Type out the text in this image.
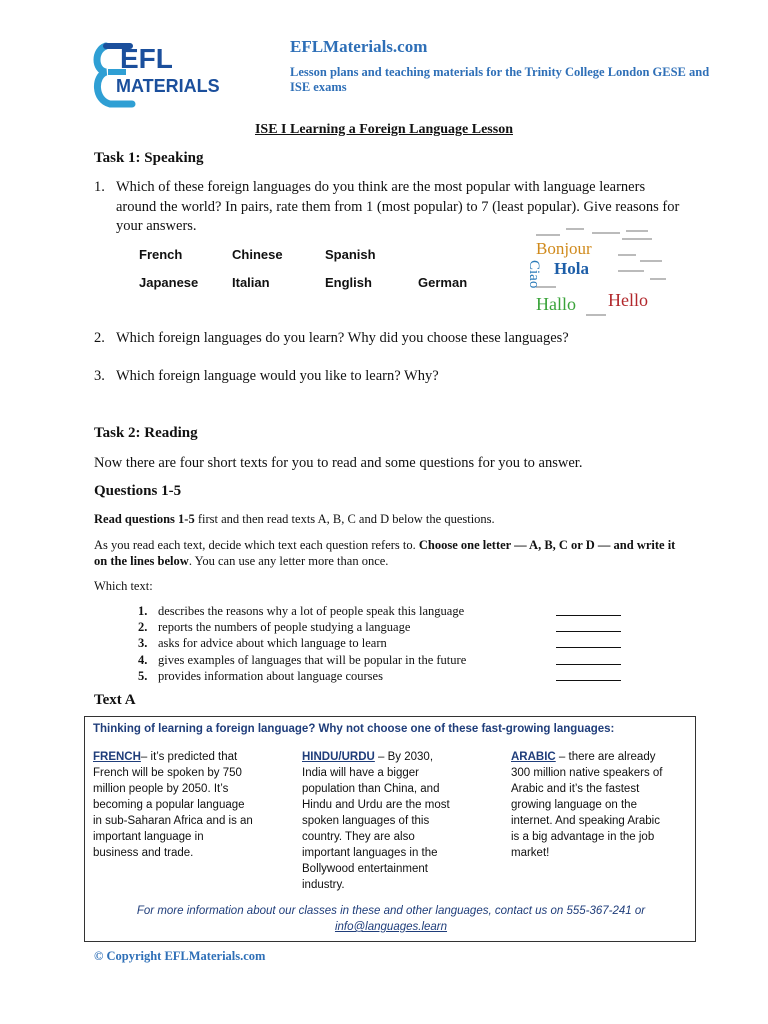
EFL
MATERIALS
EFLMaterials.com
Lesson plans and teaching materials for the Trinity College London GESE and ISE exams
ISE I Learning a Foreign Language Lesson
Task 1: Speaking
1. Which of these foreign languages do you think are the most popular with language learners around the world? In pairs, rate them from 1 (most popular) to 7 (least popular). Give reasons for your answers.
French	Chinese	Spanish
Japanese	Italian	English	German
Bonjour
Hola
Ciao
Hallo Hello
2. Which foreign languages do you learn? Why did you choose these languages?
3. Which foreign language would you like to learn? Why?
Task 2: Reading
Now there are four short texts for you to read and some questions for you to answer.
Questions 1-5
Read questions 1-5 first and then read texts A, B, C and D below the questions.
As you read each text, decide which text each question refers to. Choose one letter — A, B, C or D — and write it on the lines below. You can use any letter more than once.
Which text:
1. describes the reasons why a lot of people speak this language
2. reports the numbers of people studying a language
3. asks for advice about which language to learn
4. gives examples of languages that will be popular in the future
5. provides information about language courses
Text A
Thinking of learning a foreign language? Why not choose one of these fast-growing languages:
FRENCH– it’s predicted that
French will be spoken by 750
million people by 2050. It’s
becoming a popular language
in sub-Saharan Africa and is an
important language in
business and trade.
HINDU/URDU – By 2030,
India will have a bigger
population than China, and
Hindu and Urdu are the most
spoken languages of this
country. They are also
important languages in the
Bollywood entertainment
industry.
ARABIC – there are already
300 million native speakers of
Arabic and it’s the fastest
growing language on the
internet. And speaking Arabic
is a big advantage in the job
market!
For more information about our classes in these and other languages, contact us on 555-367-241 or
info@languages.learn
© Copyright EFLMaterials.com
